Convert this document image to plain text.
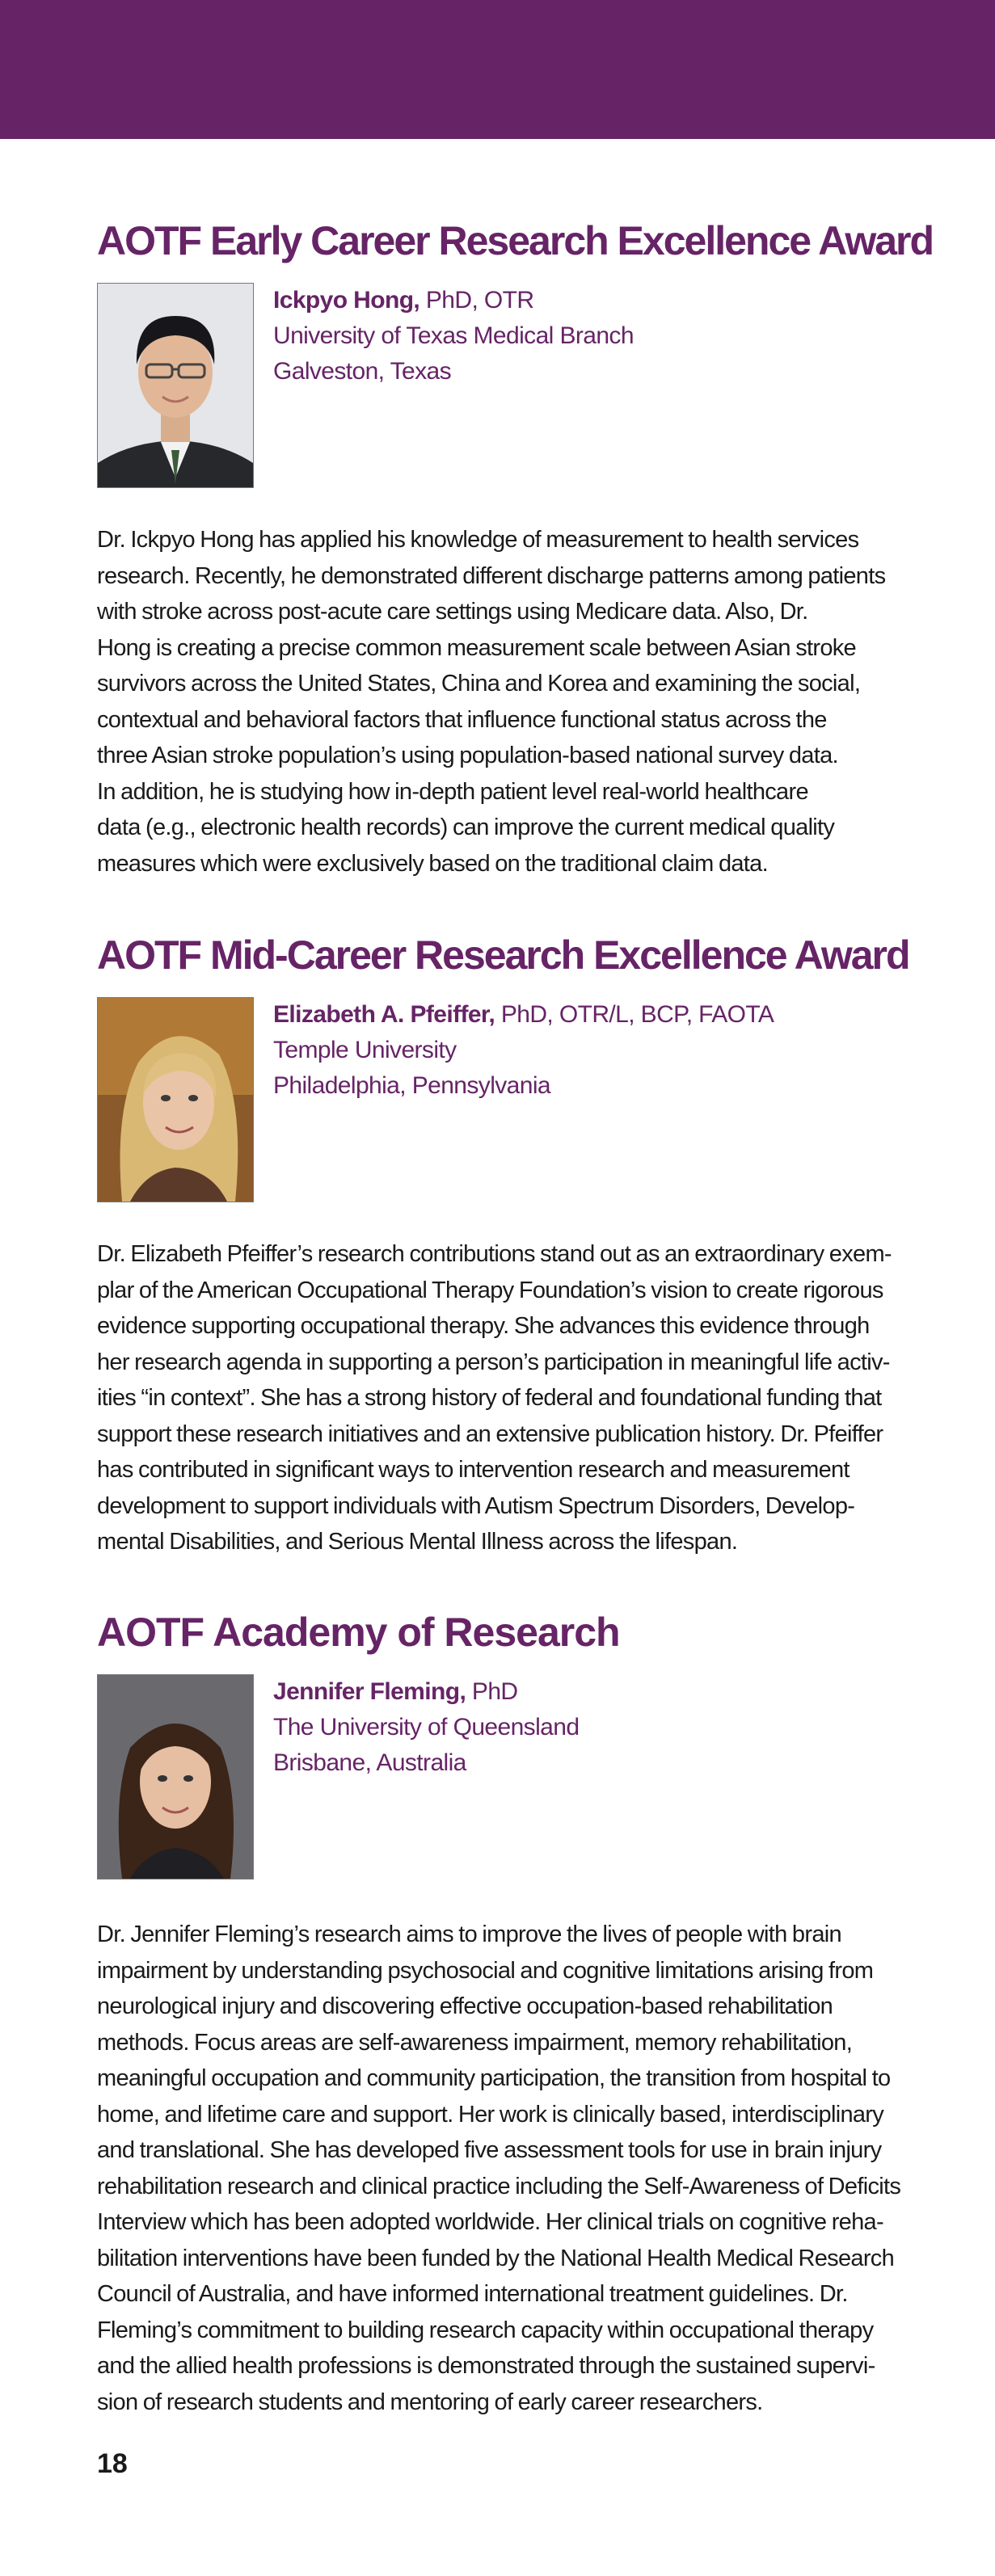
AOTF Early Career Research Excellence Award
Ickpyo Hong, PhD, OTR
University of Texas Medical Branch
Galveston, Texas

Dr. Ickpyo Hong has applied his knowledge of measurement to health services
research. Recently, he demonstrated different discharge patterns among patients
with stroke across post-acute care settings using Medicare data. Also, Dr.
Hong is creating a precise common measurement scale between Asian stroke
survivors across the United States, China and Korea and examining the social,
contextual and behavioral factors that influence functional status across the
three Asian stroke population’s using population-based national survey data.
In addition, he is studying how in-depth patient level real-world healthcare
data (e.g., electronic health records) can improve the current medical quality
measures which were exclusively based on the traditional claim data.

AOTF Mid-Career Research Excellence Award
Elizabeth A. Pfeiffer, PhD, OTR/L, BCP, FAOTA
Temple University
Philadelphia, Pennsylvania

Dr. Elizabeth Pfeiffer’s research contributions stand out as an extraordinary exem-
plar of the American Occupational Therapy Foundation’s vision to create rigorous
evidence supporting occupational therapy. She advances this evidence through
her research agenda in supporting a person’s participation in meaningful life activ-
ities “in context”. She has a strong history of federal and foundational funding that
support these research initiatives and an extensive publication history. Dr. Pfeiffer
has contributed in significant ways to intervention research and measurement
development to support individuals with Autism Spectrum Disorders, Develop-
mental Disabilities, and Serious Mental Illness across the lifespan.

AOTF Academy of Research
Jennifer Fleming, PhD
The University of Queensland
Brisbane, Australia

Dr. Jennifer Fleming’s research aims to improve the lives of people with brain
impairment by understanding psychosocial and cognitive limitations arising from
neurological injury and discovering effective occupation-based rehabilitation
methods. Focus areas are self-awareness impairment, memory rehabilitation,
meaningful occupation and community participation, the transition from hospital to
home, and lifetime care and support. Her work is clinically based, interdisciplinary
and translational. She has developed five assessment tools for use in brain injury
rehabilitation research and clinical practice including the Self-Awareness of Deficits
Interview which has been adopted worldwide. Her clinical trials on cognitive reha-
bilitation interventions have been funded by the National Health Medical Research
Council of Australia, and have informed international treatment guidelines. Dr.
Fleming’s commitment to building research capacity within occupational therapy
and the allied health professions is demonstrated through the sustained supervi-
sion of research students and mentoring of early career researchers.

18
